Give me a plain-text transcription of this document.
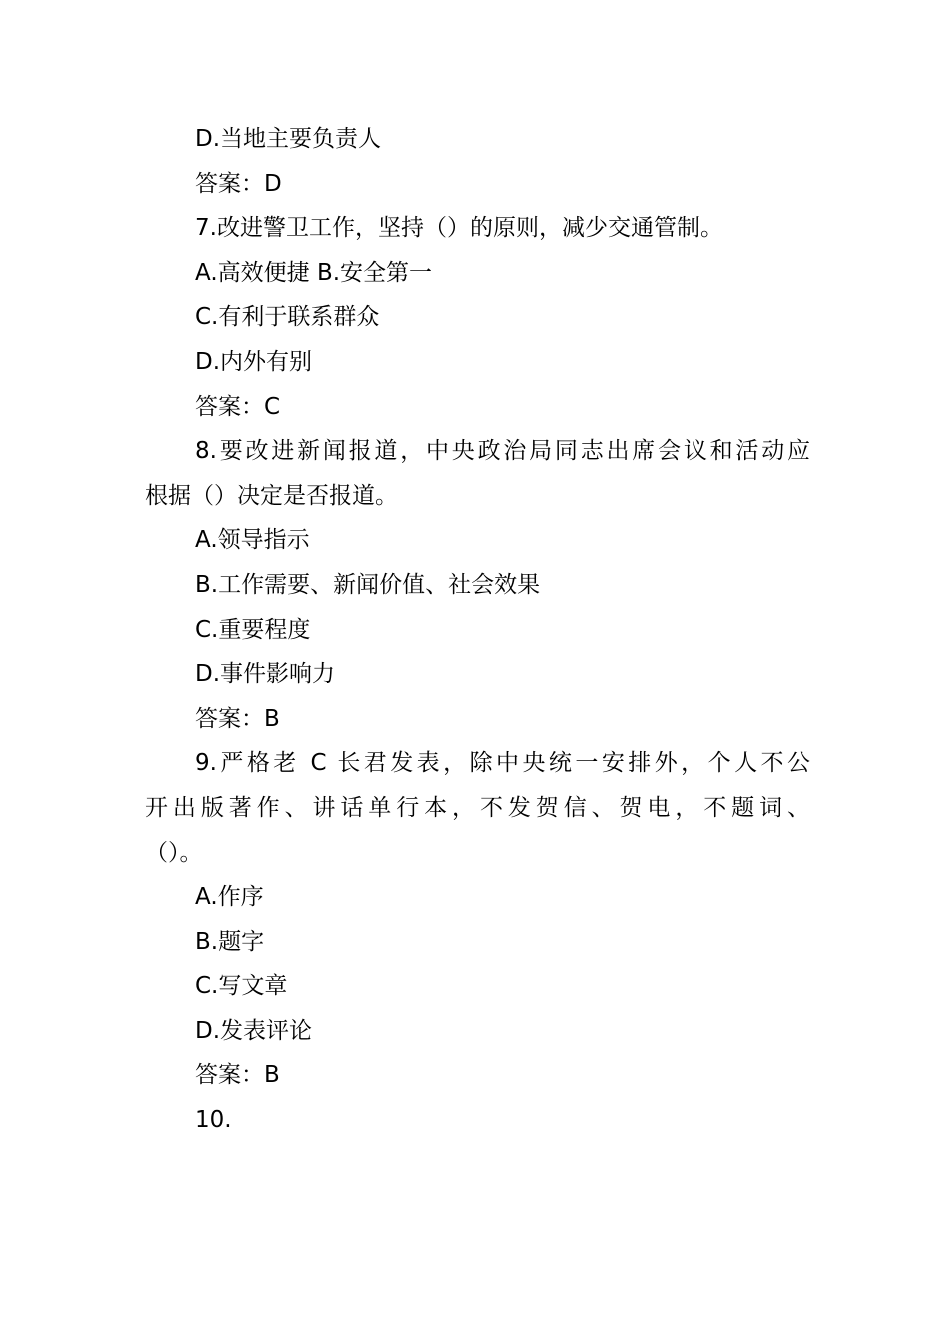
D.当地主要负责人

答案：D

7.改进警卫工作，坚持（）的原则，减少交通管制。

A.高效便捷 B.安全第一

C.有利于联系群众

D.内外有别

答案：C

8.要改进新闻报道，中央政治局同志出席会议和活动应

根据（）决定是否报道。

A.领导指示

B.工作需要、新闻价值、社会效果

C.重要程度

D.事件影响力

答案：B

9.严格老 C 长君发表，除中央统一安排外，个人不公

开出版著作、讲话单行本，不发贺信、贺电，不题词、

（）。

A.作序

B.题字

C.写文章

D.发表评论

答案：B

10.
